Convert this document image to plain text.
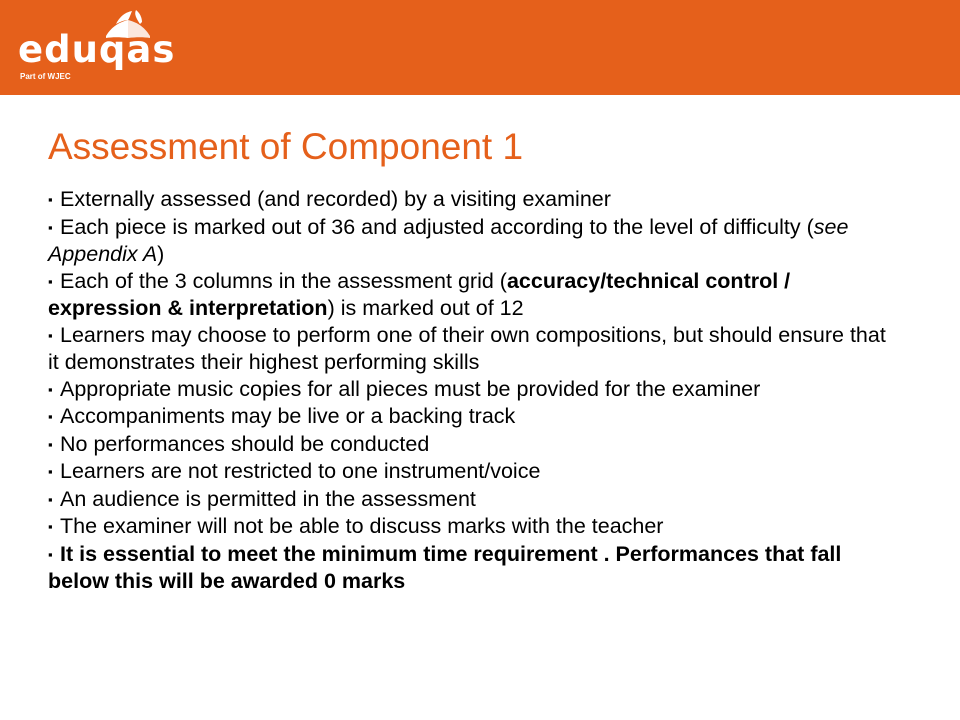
eduqas
Part of WJEC
Assessment of Component 1
▪ Externally assessed (and recorded) by a visiting examiner
▪ Each piece is marked out of 36 and adjusted according to the level of difficulty (see Appendix A)
▪ Each of the 3 columns in the assessment grid (accuracy/technical control / expression & interpretation) is marked out of 12
▪ Learners may choose to perform one of their own compositions, but should ensure that it demonstrates their highest performing skills
▪ Appropriate music copies for all pieces must be provided for the examiner
▪ Accompaniments may be live or a backing track
▪ No performances should be conducted
▪ Learners are not restricted to one instrument/voice
▪ An audience is permitted in the assessment
▪ The examiner will not be able to discuss marks with the teacher
▪ It is essential to meet the minimum time requirement . Performances that fall below this will be awarded 0 marks
